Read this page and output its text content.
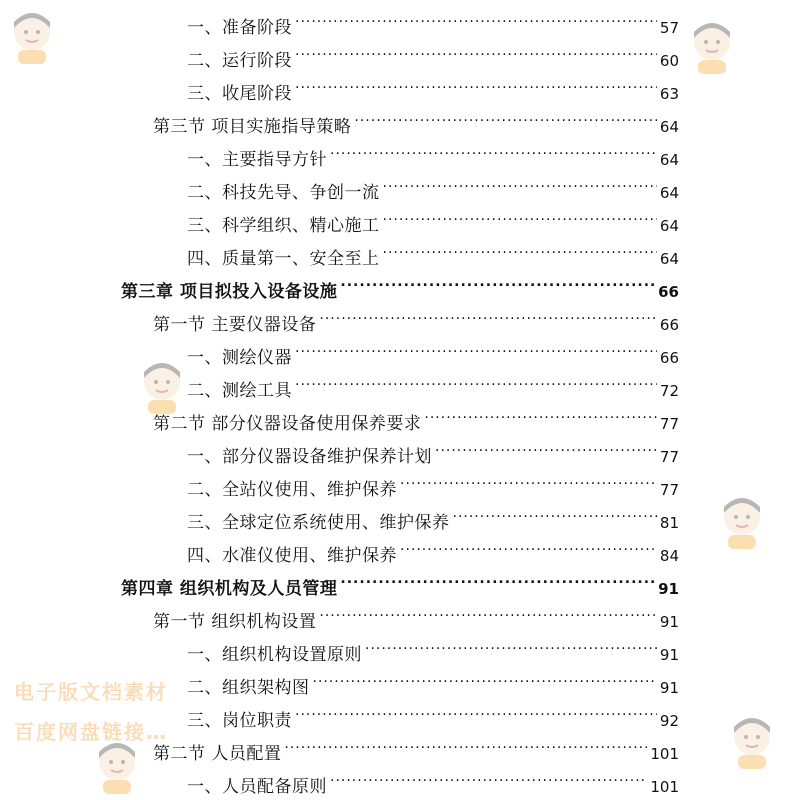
电子版文档素材
百度网盘链接…
一、准备阶段 .....	57
二、运行阶段 .....	60
三、收尾阶段 .....	63
第三节 项目实施指导策略 .....	64
一、主要指导方针 .....	64
二、科技先导、争创一流 .....	64
三、科学组织、精心施工 .....	64
四、质量第一、安全至上 .....	64
第三章 项目拟投入设备设施 .....	66
第一节 主要仪器设备 .....	66
一、测绘仪器 .....	66
二、测绘工具 .....	72
第二节 部分仪器设备使用保养要求 .....	77
一、部分仪器设备维护保养计划 .....	77
二、全站仪使用、维护保养 .....	77
三、全球定位系统使用、维护保养 .....	81
四、水准仪使用、维护保养 .....	84
第四章 组织机构及人员管理 .....	91
第一节 组织机构设置 .....	91
一、组织机构设置原则 .....	91
二、组织架构图 .....	91
三、岗位职责 .....	92
第二节 人员配置 .....	101
一、人员配备原则 .....	101
